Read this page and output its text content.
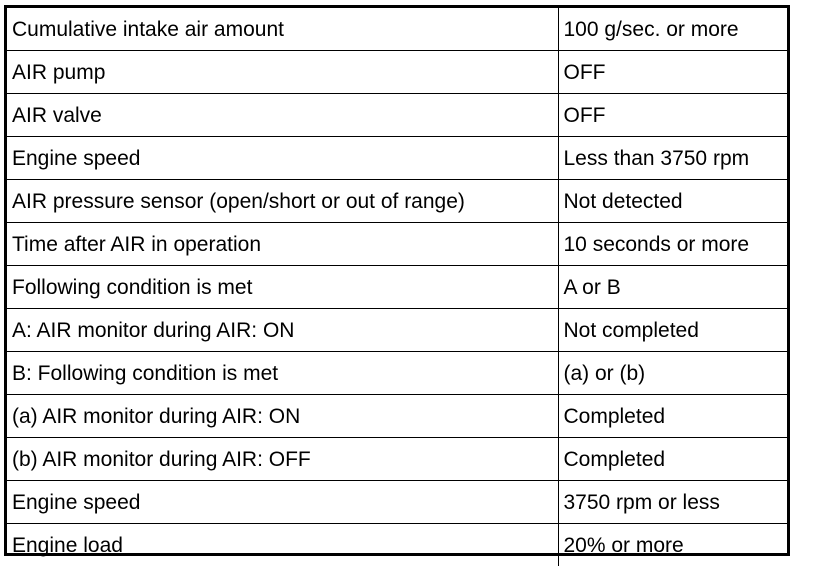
Cumulative intake air amount	100 g/sec. or more
AIR pump	OFF
AIR valve	OFF
Engine speed	Less than 3750 rpm
AIR pressure sensor (open/short or out of range)	Not detected
Time after AIR in operation	10 seconds or more
Following condition is met	A or B
A: AIR monitor during AIR: ON	Not completed
B: Following condition is met	(a) or (b)
(a) AIR monitor during AIR: ON	Completed
(b) AIR monitor during AIR: OFF	Completed
Engine speed	3750 rpm or less
Engine load	20% or more
